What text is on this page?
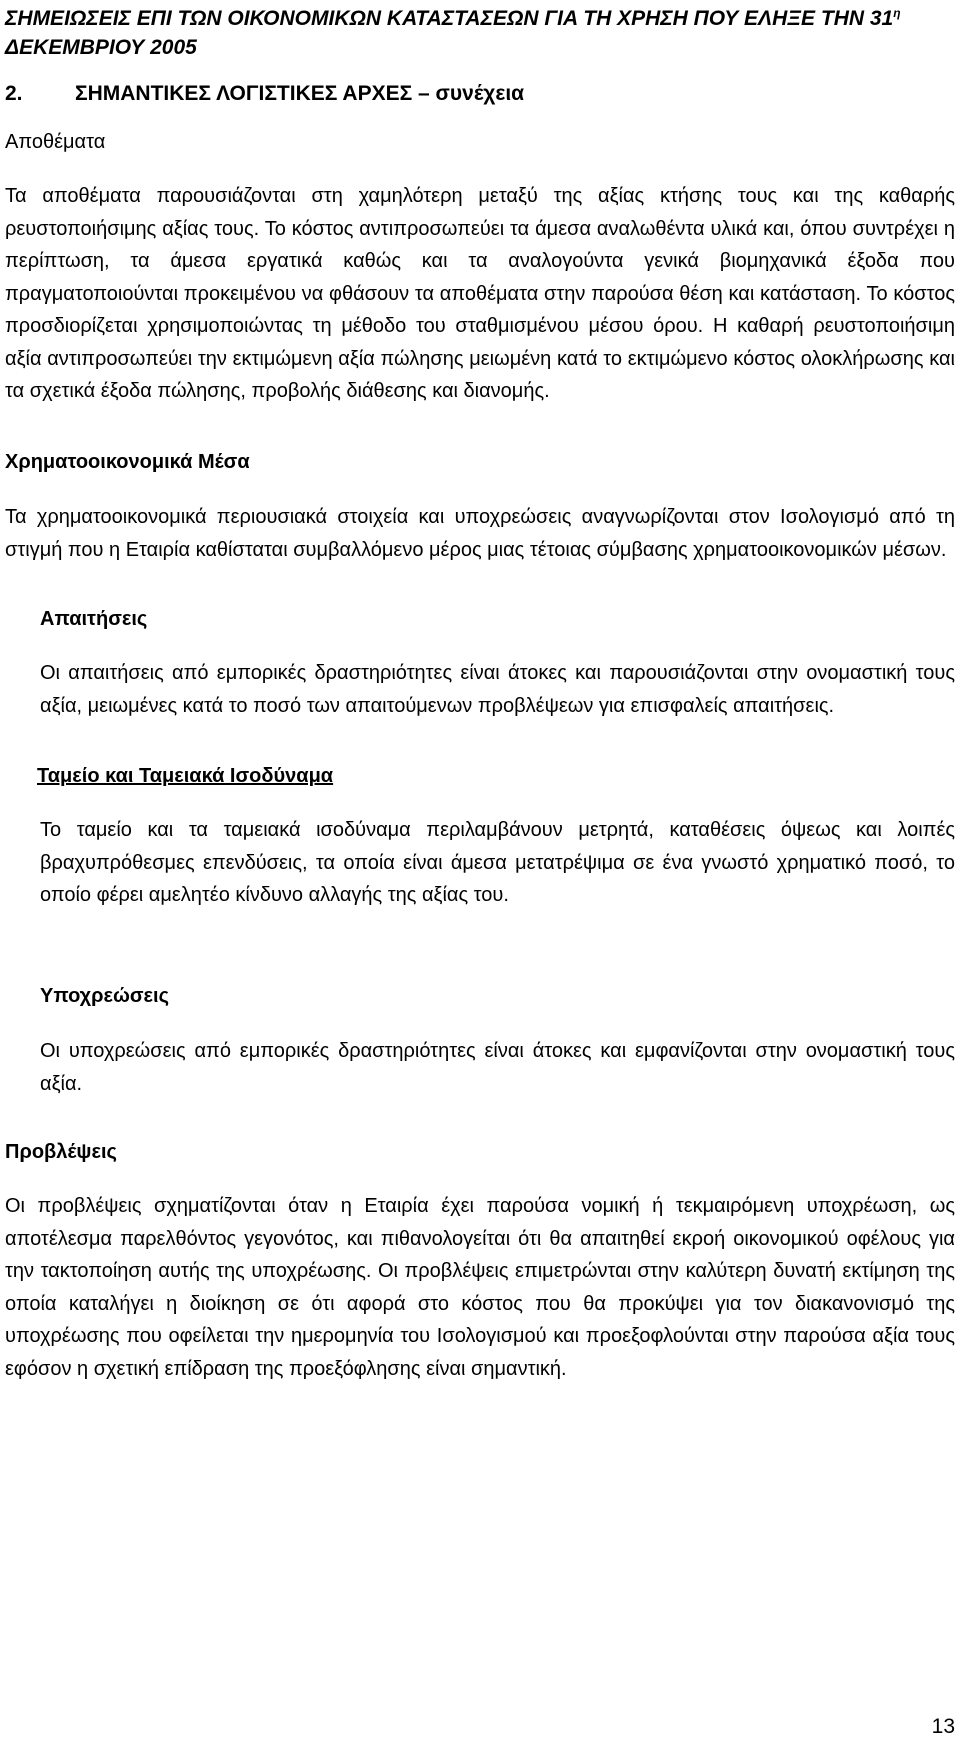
ΣΗΜΕΙΩΣΕΙΣ ΕΠΙ ΤΩΝ ΟΙΚΟΝΟΜΙΚΩΝ ΚΑΤΑΣΤΑΣΕΩΝ ΓΙΑ ΤΗ ΧΡΗΣΗ ΠΟΥ ΕΛΗΞΕ ΤΗΝ $31^\eta$ ΔΕΚΕΜΒΡΙΟΥ 2005
2. ΣΗΜΑΝΤΙΚΕΣ ΛΟΓΙΣΤΙΚΕΣ ΑΡΧΕΣ – συνέχεια
Αποθέματα

Τα αποθέματα παρουσιάζονται στη χαμηλότερη μεταξύ της αξίας κτήσης τους και της καθαρής ρευστοποιήσιμης αξίας τους. Το κόστος αντιπροσωπεύει τα άμεσα αναλωθέντα υλικά και, όπου συντρέχει η περίπτωση, τα άμεσα εργατικά καθώς και τα αναλογούντα γενικά βιομηχανικά έξοδα που πραγματοποιούνται προκειμένου να φθάσουν τα αποθέματα στην παρούσα θέση και κατάσταση. Το κόστος προσδιορίζεται χρησιμοποιώντας τη μέθοδο του σταθμισμένου μέσου όρου. Η καθαρή ρευστοποιήσιμη αξία αντιπροσωπεύει την εκτιμώμενη αξία πώλησης μειωμένη κατά το εκτιμώμενο κόστος ολοκλήρωσης και τα σχετικά έξοδα πώλησης, προβολής διάθεσης και διανομής.

Χρηματοοικονομικά Μέσα

Τα χρηματοοικονομικά περιουσιακά στοιχεία και υποχρεώσεις αναγνωρίζονται στον Ισολογισμό από τη στιγμή που η Εταιρία καθίσταται συμβαλλόμενο μέρος μιας τέτοιας σύμβασης χρηματοοικονομικών μέσων.

Απαιτήσεις

Οι απαιτήσεις από εμπορικές δραστηριότητες είναι άτοκες και παρουσιάζονται στην ονομαστική τους αξία, μειωμένες κατά το ποσό των απαιτούμενων προβλέψεων για επισφαλείς απαιτήσεις.

Ταμείο και Ταμειακά Ισοδύναμα

Το ταμείο και τα ταμειακά ισοδύναμα περιλαμβάνουν μετρητά, καταθέσεις όψεως και λοιπές βραχυπρόθεσμες επενδύσεις, τα οποία είναι άμεσα μετατρέψιμα σε ένα γνωστό χρηματικό ποσό, το οποίο φέρει αμελητέο κίνδυνο αλλαγής της αξίας του.

Υποχρεώσεις

Οι υποχρεώσεις από εμπορικές δραστηριότητες είναι άτοκες και εμφανίζονται στην ονομαστική τους αξία.

Προβλέψεις

Οι προβλέψεις σχηματίζονται όταν η Εταιρία έχει παρούσα νομική ή τεκμαιρόμενη υποχρέωση, ως αποτέλεσμα παρελθόντος γεγονότος, και πιθανολογείται ότι θα απαιτηθεί εκροή οικονομικού οφέλους για την τακτοποίηση αυτής της υποχρέωσης. Οι προβλέψεις επιμετρώνται στην καλύτερη δυνατή εκτίμηση της οποία καταλήγει η διοίκηση σε ότι αφορά στο κόστος που θα προκύψει για τον διακανονισμό της υποχρέωσης που οφείλεται την ημερομηνία του Ισολογισμού και προεξοφλούνται στην παρούσα αξία τους εφόσον η σχετική επίδραση της προεξόφλησης είναι σημαντική.

13
